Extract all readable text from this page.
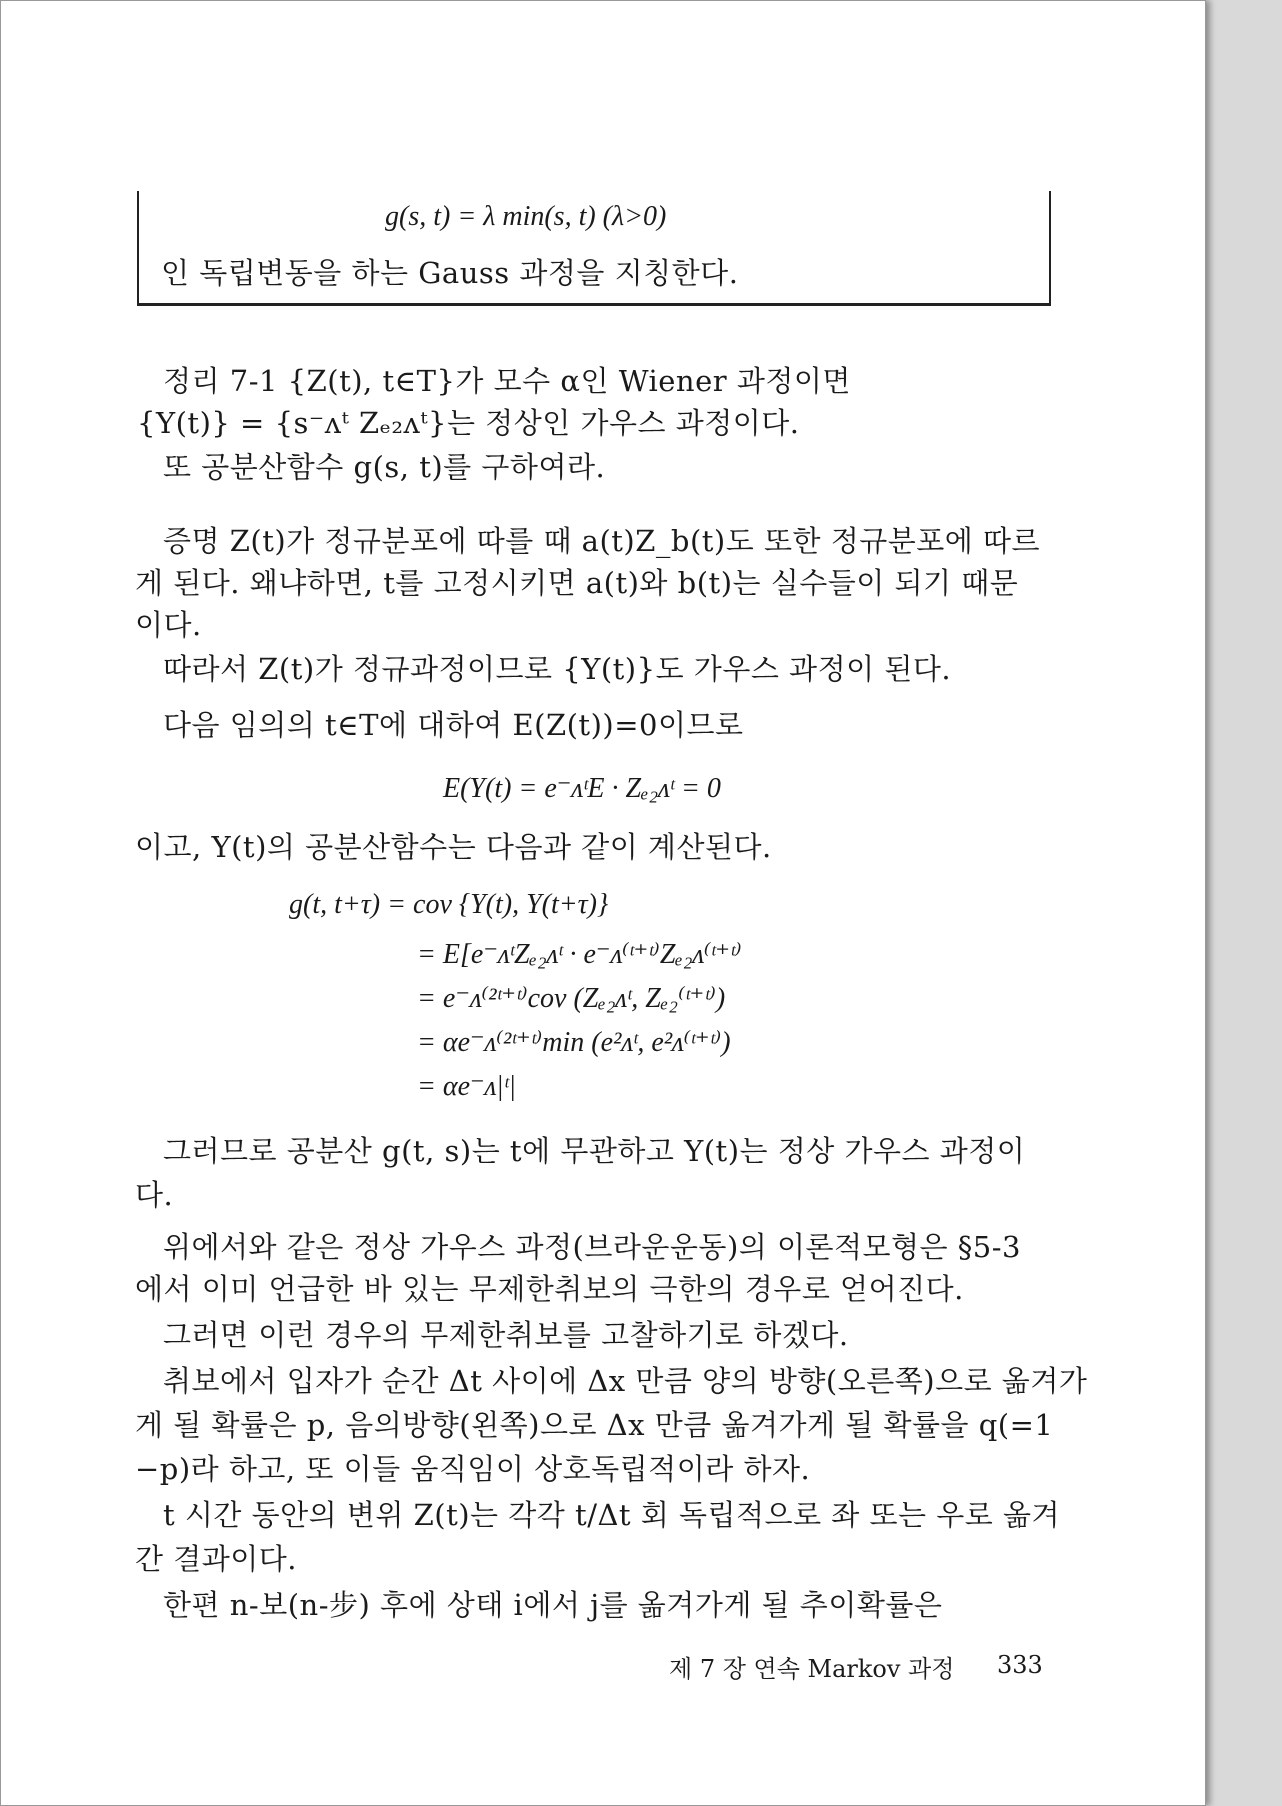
g(s, t) = λ min(s, t) (λ>0)
인 독립변동을 하는 Gauss 과정을 지칭한다.
정리 7-1 {Z(t), t∈T}가 모수 α인 Wiener 과정이면
{Y(t)} = {s⁻ᴧᵗ Zₑ₂ᴧᵗ}는 정상인 가우스 과정이다.
또 공분산함수 g(s, t)를 구하여라.
증명 Z(t)가 정규분포에 따를 때 a(t)Z_b(t)도 또한 정규분포에 따르
게 된다. 왜냐하면, t를 고정시키면 a(t)와 b(t)는 실수들이 되기 때문
이다.
따라서 Z(t)가 정규과정이므로 {Y(t)}도 가우스 과정이 된다.
다음 임의의 t∈T에 대하여 E(Z(t))=0이므로
E(Y(t) = e⁻ᴧᵗE · Zₑ₂ᴧᵗ = 0
이고, Y(t)의 공분산함수는 다음과 같이 계산된다.
g(t, t+τ) = cov {Y(t), Y(t+τ)}
= E[e⁻ᴧᵗZₑ₂ᴧᵗ · e⁻ᴧ⁽ᵗ⁺ᵗ⁾Zₑ₂ᴧ⁽ᵗ⁺ᵗ⁾
= e⁻ᴧ⁽²ᵗ⁺ᵗ⁾cov (Zₑ₂ᴧᵗ, Zₑ₂⁽ᵗ⁺ᵗ⁾)
= αe⁻ᴧ⁽²ᵗ⁺ᵗ⁾min (e²ᴧᵗ, e²ᴧ⁽ᵗ⁺ᵗ⁾)
= αe⁻ᴧ|ᵗ|
그러므로 공분산 g(t, s)는 t에 무관하고 Y(t)는 정상 가우스 과정이
다.
위에서와 같은 정상 가우스 과정(브라운운동)의 이론적모형은 §5-3
에서 이미 언급한 바 있는 무제한취보의 극한의 경우로 얻어진다.
그러면 이런 경우의 무제한취보를 고찰하기로 하겠다.
취보에서 입자가 순간 Δt 사이에 Δx 만큼 양의 방향(오른쪽)으로 옮겨가
게 될 확률은 p, 음의방향(왼쪽)으로 Δx 만큼 옮겨가게 될 확률을 q(=1
−p)라 하고, 또 이들 움직임이 상호독립적이라 하자.
t 시간 동안의 변위 Z(t)는 각각 t/Δt 회 독립적으로 좌 또는 우로 옮겨
간 결과이다.
한편 n-보(n-步) 후에 상태 i에서 j를 옮겨가게 될 추이확률은
제 7 장 연속 Markov 과정 333
